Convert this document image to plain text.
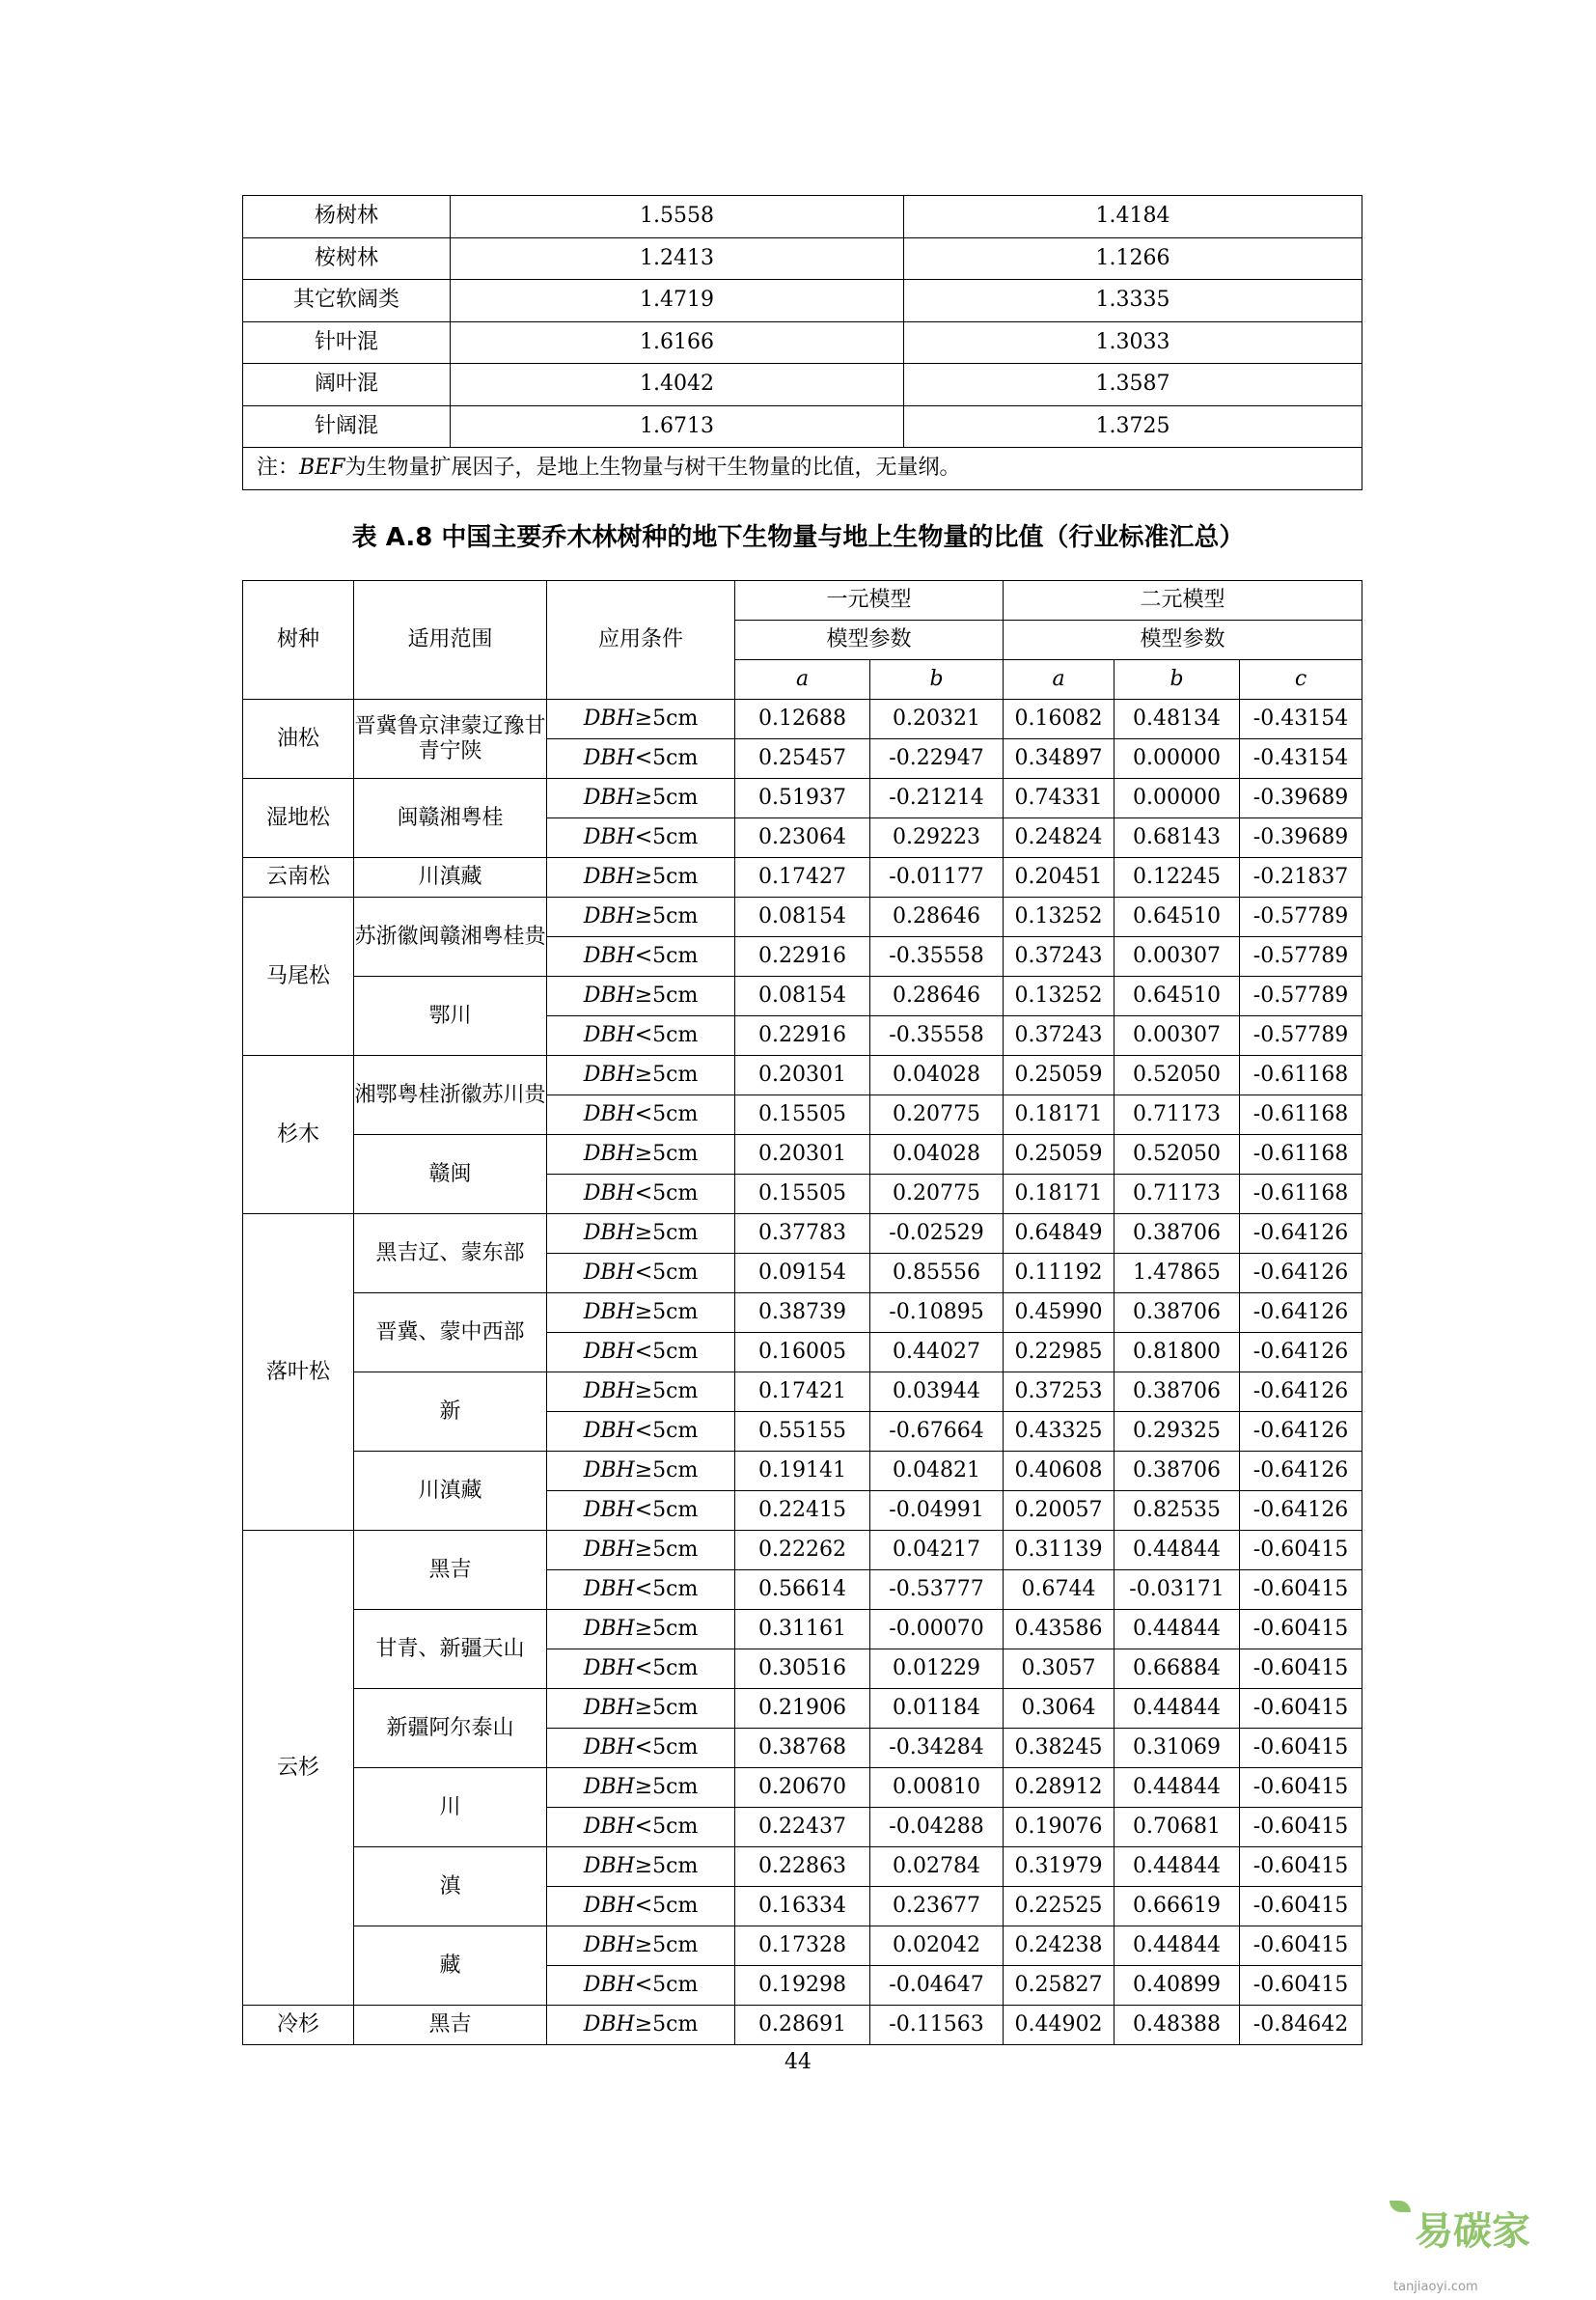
杨树林	1.5558	1.4184
桉树林	1.2413	1.1266
其它软阔类	1.4719	1.3335
针叶混	1.6166	1.3033
阔叶混	1.4042	1.3587
针阔混	1.6713	1.3725
注：BEF为生物量扩展因子，是地上生物量与树干生物量的比值，无量纲。		
表 A.8 中国主要乔木林树种的地下生物量与地上生物量的比值（行业标准汇总）
树种	适用范围	应用条件	一元模型		二元模型		
			模型参数		模型参数		
			a	b	a	b	c
油松	晋冀鲁京津蒙辽豫甘青宁陕	DBH≥5cm	0.12688	0.20321	0.16082	0.48134	-0.43154
		DBH<5cm	0.25457	-0.22947	0.34897	0.00000	-0.43154
湿地松	闽赣湘粤桂	DBH≥5cm	0.51937	-0.21214	0.74331	0.00000	-0.39689
		DBH<5cm	0.23064	0.29223	0.24824	0.68143	-0.39689
云南松	川滇藏	DBH≥5cm	0.17427	-0.01177	0.20451	0.12245	-0.21837
马尾松	苏浙徽闽赣湘粤桂贵	DBH≥5cm	0.08154	0.28646	0.13252	0.64510	-0.57789
		DBH<5cm	0.22916	-0.35558	0.37243	0.00307	-0.57789
	鄂川	DBH≥5cm	0.08154	0.28646	0.13252	0.64510	-0.57789
		DBH<5cm	0.22916	-0.35558	0.37243	0.00307	-0.57789
杉木	湘鄂粤桂浙徽苏川贵	DBH≥5cm	0.20301	0.04028	0.25059	0.52050	-0.61168
		DBH<5cm	0.15505	0.20775	0.18171	0.71173	-0.61168
	赣闽	DBH≥5cm	0.20301	0.04028	0.25059	0.52050	-0.61168
		DBH<5cm	0.15505	0.20775	0.18171	0.71173	-0.61168
落叶松	黑吉辽、蒙东部	DBH≥5cm	0.37783	-0.02529	0.64849	0.38706	-0.64126
		DBH<5cm	0.09154	0.85556	0.11192	1.47865	-0.64126
	晋冀、蒙中西部	DBH≥5cm	0.38739	-0.10895	0.45990	0.38706	-0.64126
		DBH<5cm	0.16005	0.44027	0.22985	0.81800	-0.64126
	新	DBH≥5cm	0.17421	0.03944	0.37253	0.38706	-0.64126
		DBH<5cm	0.55155	-0.67664	0.43325	0.29325	-0.64126
	川滇藏	DBH≥5cm	0.19141	0.04821	0.40608	0.38706	-0.64126
		DBH<5cm	0.22415	-0.04991	0.20057	0.82535	-0.64126
云杉	黑吉	DBH≥5cm	0.22262	0.04217	0.31139	0.44844	-0.60415
		DBH<5cm	0.56614	-0.53777	0.6744	-0.03171	-0.60415
	甘青、新疆天山	DBH≥5cm	0.31161	-0.00070	0.43586	0.44844	-0.60415
		DBH<5cm	0.30516	0.01229	0.3057	0.66884	-0.60415
	新疆阿尔泰山	DBH≥5cm	0.21906	0.01184	0.3064	0.44844	-0.60415
		DBH<5cm	0.38768	-0.34284	0.38245	0.31069	-0.60415
	川	DBH≥5cm	0.20670	0.00810	0.28912	0.44844	-0.60415
		DBH<5cm	0.22437	-0.04288	0.19076	0.70681	-0.60415
	滇	DBH≥5cm	0.22863	0.02784	0.31979	0.44844	-0.60415
		DBH<5cm	0.16334	0.23677	0.22525	0.66619	-0.60415
	藏	DBH≥5cm	0.17328	0.02042	0.24238	0.44844	-0.60415
		DBH<5cm	0.19298	-0.04647	0.25827	0.40899	-0.60415
冷杉	黑吉	DBH≥5cm	0.28691	-0.11563	0.44902	0.48388	-0.84642
44
易碳家tanjiaoyi.com
